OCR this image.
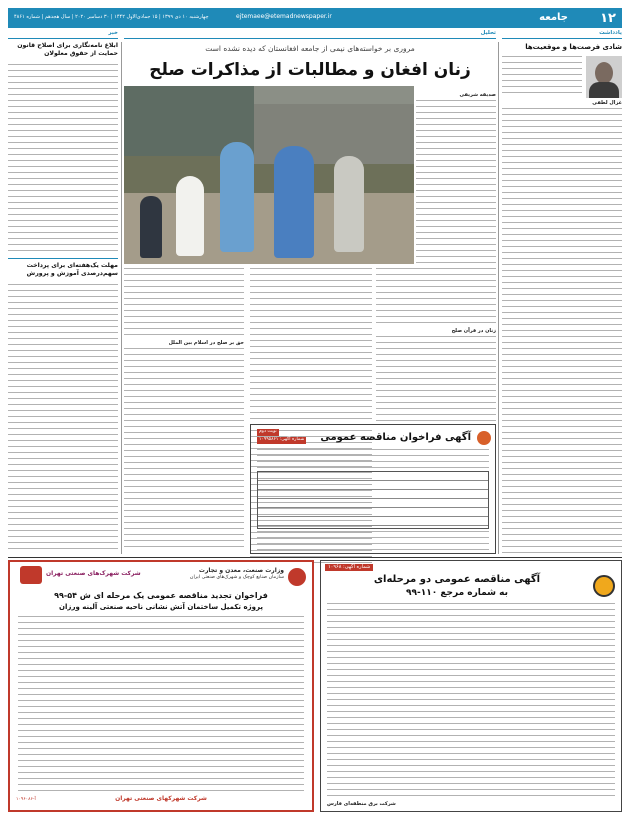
۱۲
جامعه
ejtemaee@etemadnewspaper.ir
چهارشنبه ۱۰ دی ۱۳۹۹ | ۱۵ جمادی‌الاول ۱۴۴۲ | ۳۰ دسامبر ۲۰۲۰ | سال هجدهم | شماره ۴۸۶۱
یادداشت
تحلیل
خبر
شادی فرصت‌ها و موقعیت‌ها
غزال لطفی
مروری بر خواسته‌های نیمی از جامعه افغانستان که دیده نشده است
زنان افغان و مطالبات از مذاکرات صلح
صدیقه شریفی
زنان در قرآن صلح
حق بر صلح در اسلام بین الملل
ابلاغ نامه‌نگاری برای اصلاح قانون حمایت از حقوق معلولان
مهلت یک‌هفته‌ای برای پرداخت سهم‌درصدی آموزش و پرورش
آگهی فراخوان مناقصه عمومی
نوبت دوم
شماره آگهی: ۱۰۹۹۵۸۶۱
شماره آگهی: ۱۰۹۶۸
آگهی مناقصه عمومی دو مرحله‌ای
به شماره مرجع ۱۱۰-۹۹
شرکت برق منطقه‌ای فارس
وزارت صنعت، معدن و تجارت
سازمان صنایع کوچک و شهرک‌های صنعتی ایران
شرکت شهرک‌های صنعتی تهران
فراخوان تجدید مناقصه عمومی یک مرحله ای ش ۵۴-۹۹
پروژه تکمیل ساختمان آتش نشانی ناحیه صنعتی آلینه ورزان
شرکت شهرکهای صنعتی تهران
آ-۱۰۹۶۰۸۶
